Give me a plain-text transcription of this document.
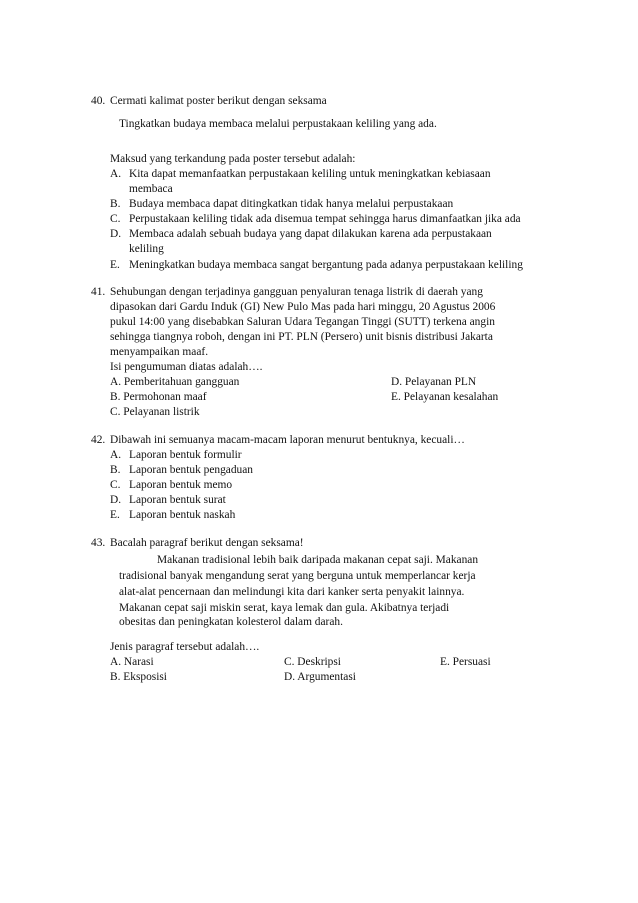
40. Cermati kalimat poster berikut dengan seksama
Tingkatkan budaya membaca melalui perpustakaan keliling yang ada.
Maksud yang terkandung pada poster tersebut adalah:
A. Kita dapat memanfaatkan perpustakaan keliling untuk meningkatkan kebiasaan
membaca
B. Budaya membaca dapat ditingkatkan tidak hanya melalui perpustakaan
C. Perpustakaan keliling tidak ada disemua tempat sehingga harus dimanfaatkan jika ada
D. Membaca adalah sebuah budaya yang dapat dilakukan karena ada perpustakaan
keliling
E. Meningkatkan budaya membaca sangat bergantung pada adanya perpustakaan keliling
41. Sehubungan dengan terjadinya gangguan penyaluran tenaga listrik di daerah yang
dipasokan dari Gardu Induk (GI) New Pulo Mas pada hari minggu, 20 Agustus 2006
pukul 14:00 yang disebabkan Saluran Udara Tegangan Tinggi (SUTT) terkena angin
sehingga tiangnya roboh, dengan ini PT. PLN (Persero) unit bisnis distribusi Jakarta
menyampaikan maaf.
Isi pengumuman diatas adalah….
A. Pemberitahuan gangguan
B. Permohonan maaf
C. Pelayanan listrik
D. Pelayanan PLN
E. Pelayanan kesalahan
42. Dibawah ini semuanya macam-macam laporan menurut bentuknya, kecuali…
A. Laporan bentuk formulir
B. Laporan bentuk pengaduan
C. Laporan bentuk memo
D. Laporan bentuk surat
E. Laporan bentuk naskah
43. Bacalah paragraf berikut dengan seksama!
Makanan tradisional lebih baik daripada makanan cepat saji. Makanan
tradisional banyak mengandung serat yang berguna untuk memperlancar kerja
alat-alat pencernaan dan melindungi kita dari kanker serta penyakit lainnya.
Makanan cepat saji miskin serat, kaya lemak dan gula. Akibatnya terjadi
obesitas dan peningkatan kolesterol dalam darah.
Jenis paragraf tersebut adalah….
A. Narasi
B. Eksposisi
C. Deskripsi
D. Argumentasi
E. Persuasi
